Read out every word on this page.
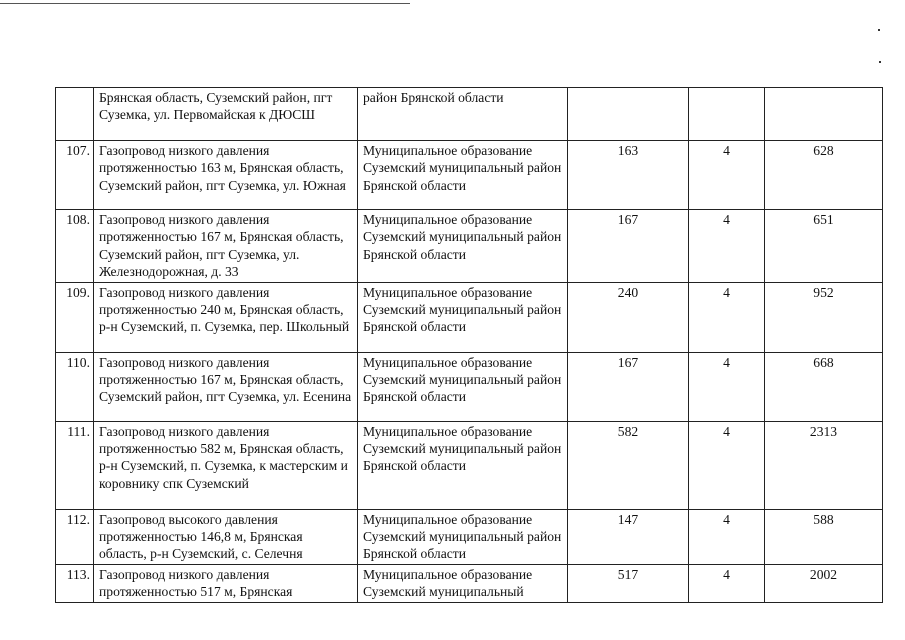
	Брянская область, Суземский район, пгт Суземка, ул. Первомайская к ДЮСШ	район Брянской области			
107.	Газопровод низкого давления протяженностью 163 м, Брянская область, Суземский район, пгт Суземка, ул. Южная	Муниципальное образование Суземский муниципальный район Брянской области	163	4	628
108.	Газопровод низкого давления протяженностью 167 м, Брянская область, Суземский район, пгт Суземка, ул. Железнодорожная, д. 33	Муниципальное образование Суземский муниципальный район Брянской области	167	4	651
109.	Газопровод низкого давления протяженностью 240 м, Брянская область, р-н Суземский, п. Суземка, пер. Школьный	Муниципальное образование Суземский муниципальный район Брянской области	240	4	952
110.	Газопровод низкого давления протяженностью 167 м, Брянская область, Суземский район, пгт Суземка, ул. Есенина	Муниципальное образование Суземский муниципальный район Брянской области	167	4	668
111.	Газопровод низкого давления протяженностью 582 м, Брянская область, р-н Суземский, п. Суземка, к мастерским и коровнику спк Суземский	Муниципальное образование Суземский муниципальный район Брянской области	582	4	2313
112.	Газопровод высокого давления протяженностью 146,8 м, Брянская область, р-н Суземский, с. Селечня	Муниципальное образование Суземский муниципальный район Брянской области	147	4	588
113.	Газопровод низкого давления протяженностью 517 м, Брянская	Муниципальное образование Суземский муниципальный	517	4	2002
